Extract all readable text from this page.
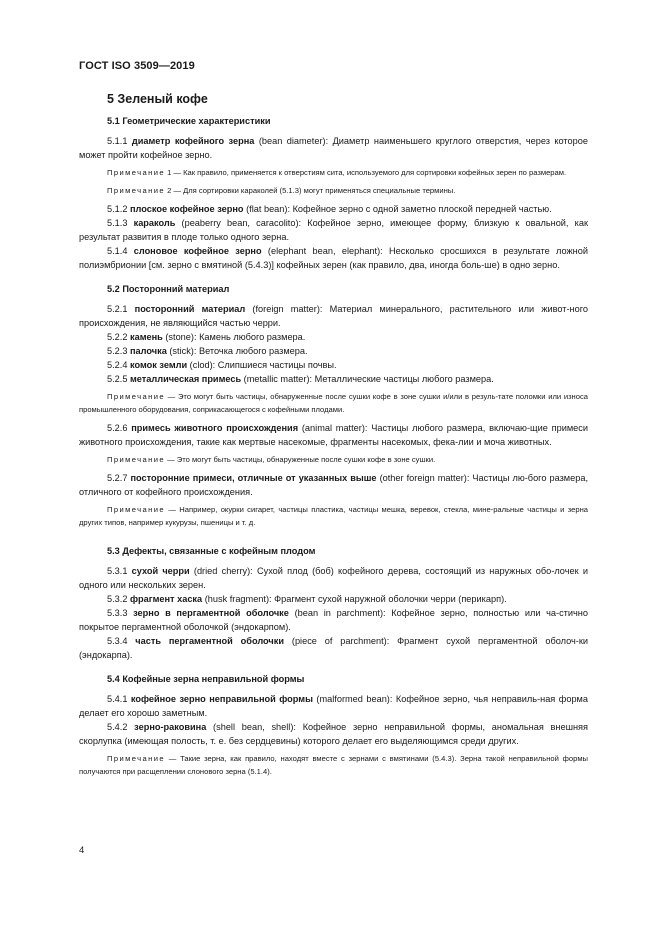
ГОСТ ISO 3509—2019
5 Зеленый кофе
5.1 Геометрические характеристики

5.1.1 диаметр кофейного зерна (bean diameter): Диаметр наименьшего круглого отверстия, через которое может пройти кофейное зерно.

Примечание 1 — Как правило, применяется к отверстиям сита, используемого для сортировки кофейных зерен по размерам.
Примечание 2 — Для сортировки караколей (5.1.3) могут применяться специальные термины.

5.1.2 плоское кофейное зерно (flat bean): Кофейное зерно с одной заметно плоской передней частью.

5.1.3 караколь (peaberry bean, caracolito): Кофейное зерно, имеющее форму, близкую к овальной, как результат развития в плоде только одного зерна.

5.1.4 слоновое кофейное зерно (elephant bean, elephant): Несколько сросшихся в результате ложной полиэмбрионии [см. зерно с вмятиной (5.4.3)] кофейных зерен (как правило, два, иногда боль-ше) в одно зерно.

5.2 Посторонний материал

5.2.1 посторонний материал (foreign matter): Материал минерального, растительного или живот-ного происхождения, не являющийся частью черри.

5.2.2 камень (stone): Камень любого размера.

5.2.3 палочка (stick): Веточка любого размера.

5.2.4 комок земли (clod): Слипшиеся частицы почвы.

5.2.5 металлическая примесь (metallic matter): Металлические частицы любого размера.

Примечание — Это могут быть частицы, обнаруженные после сушки кофе в зоне сушки и/или в резуль-тате поломки или износа промышленного оборудования, соприкасающегося с кофейными плодами.

5.2.6 примесь животного происхождения (animal matter): Частицы любого размера, включаю-щие примеси животного происхождения, такие как мертвые насекомые, фрагменты насекомых, фека-лии и моча животных.

Примечание — Это могут быть частицы, обнаруженные после сушки кофе в зоне сушки.

5.2.7 посторонние примеси, отличные от указанных выше (other foreign matter): Частицы лю-бого размера, отличного от кофейного происхождения.

Примечание — Например, окурки сигарет, частицы пластика, частицы мешка, веревок, стекла, мине-ральные частицы и зерна других типов, например кукурузы, пшеницы и т. д.
5.3 Дефекты, связанные с кофейным плодом

5.3.1 сухой черри (dried cherry): Сухой плод (боб) кофейного дерева, состоящий из наружных обо-лочек и одного или нескольких зерен.

5.3.2 фрагмент хаска (husk fragment): Фрагмент сухой наружной оболочки черри (перикарп).

5.3.3 зерно в пергаментной оболочке (bean in parchment): Кофейное зерно, полностью или ча-стично покрытое пергаментной оболочкой (эндокарпом).

5.3.4 часть пергаментной оболочки (piece of parchment): Фрагмент сухой пергаментной оболоч-ки (эндокарпа).

5.4 Кофейные зерна неправильной формы

5.4.1 кофейное зерно неправильной формы (malformed bean): Кофейное зерно, чья неправиль-ная форма делает его хорошо заметным.

5.4.2 зерно-раковина (shell bean, shell): Кофейное зерно неправильной формы, аномальная внешняя скорлупка (имеющая полость, т. е. без сердцевины) которого делает его выделяющимся среди других.

Примечание — Такие зерна, как правило, находят вместе с зернами с вмятинами (5.4.3). Зерна такой неправильной формы получаются при расщеплении слонового зерна (5.1.4).
4
